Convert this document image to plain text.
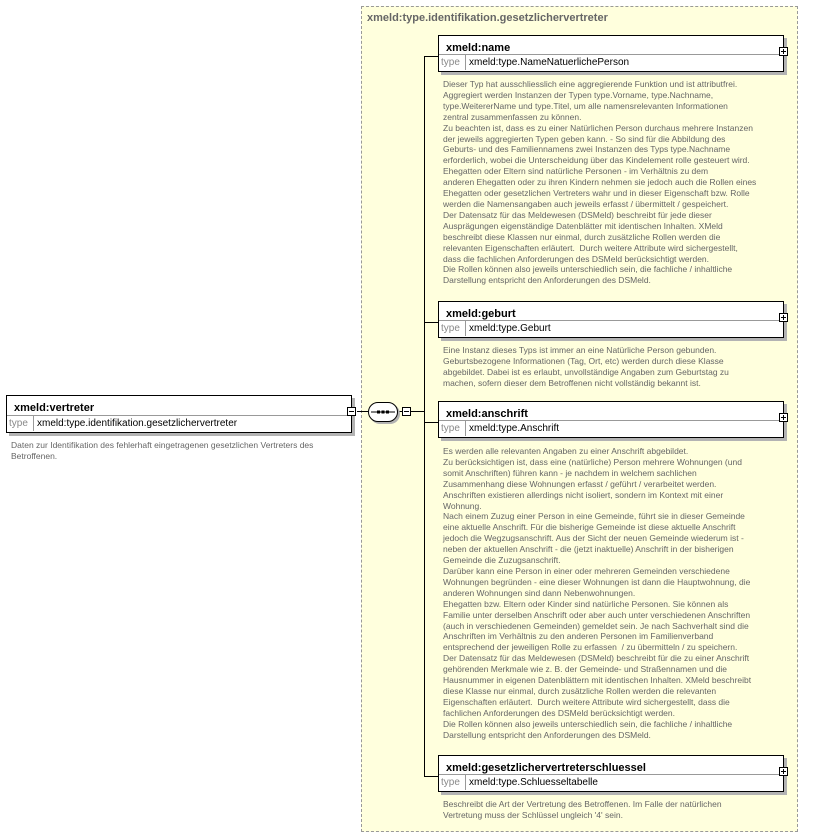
xmeld:type.identifikation.gesetzlichervertreter
xmeld:vertreter
type xmeld:type.identifikation.gesetzlichervertreter
Daten zur Identifikation des fehlerhaft eingetragenen gesetzlichen Vertreters des
Betroffenen.
xmeld:name
type xmeld:type.NameNatuerlichePerson
Dieser Typ hat ausschliesslich eine aggregierende Funktion und ist attributfrei.
Aggregiert werden Instanzen der Typen type.Vorname, type.Nachname,
type.WeitererName und type.Titel, um alle namensrelevanten Informationen
zentral zusammenfassen zu können.
Zu beachten ist, dass es zu einer Natürlichen Person durchaus mehrere Instanzen
der jeweils aggregierten Typen geben kann. - So sind für die Abbildung des
Geburts- und des Familiennamens zwei Instanzen des Typs type.Nachname
erforderlich, wobei die Unterscheidung über das Kindelement rolle gesteuert wird.
Ehegatten oder Eltern sind natürliche Personen - im Verhältnis zu dem
anderen Ehegatten oder zu ihren Kindern nehmen sie jedoch auch die Rollen eines
Ehegatten oder gesetzlichen Vertreters wahr und in dieser Eigenschaft bzw. Rolle
werden die Namensangaben auch jeweils erfasst / übermittelt / gespeichert.
Der Datensatz für das Meldewesen (DSMeld) beschreibt für jede dieser
Ausprägungen eigenständige Datenblätter mit identischen Inhalten. XMeld
beschreibt diese Klassen nur einmal, durch zusätzliche Rollen werden die
relevanten Eigenschaften erläutert.  Durch weitere Attribute wird sichergestellt,
dass die fachlichen Anforderungen des DSMeld berücksichtigt werden.
Die Rollen können also jeweils unterschiedlich sein, die fachliche / inhaltliche
Darstellung entspricht den Anforderungen des DSMeld.
xmeld:geburt
type xmeld:type.Geburt
Eine Instanz dieses Typs ist immer an eine Natürliche Person gebunden.
Geburtsbezogene Informationen (Tag, Ort, etc) werden durch diese Klasse
abgebildet. Dabei ist es erlaubt, unvollständige Angaben zum Geburtstag zu
machen, sofern dieser dem Betroffenen nicht vollständig bekannt ist.
xmeld:anschrift
type xmeld:type.Anschrift
Es werden alle relevanten Angaben zu einer Anschrift abgebildet.
Zu berücksichtigen ist, dass eine (natürliche) Person mehrere Wohnungen (und
somit Anschriften) führen kann - je nachdem in welchem sachlichen
Zusammenhang diese Wohnungen erfasst / geführt / verarbeitet werden.
Anschriften existieren allerdings nicht isoliert, sondern im Kontext mit einer
Wohnung.
Nach einem Zuzug einer Person in eine Gemeinde, führt sie in dieser Gemeinde
eine aktuelle Anschrift. Für die bisherige Gemeinde ist diese aktuelle Anschrift
jedoch die Wegzugsanschrift. Aus der Sicht der neuen Gemeinde wiederum ist -
neben der aktuellen Anschrift - die (jetzt inaktuelle) Anschrift in der bisherigen
Gemeinde die Zuzugsanschrift.
Darüber kann eine Person in einer oder mehreren Gemeinden verschiedene
Wohnungen begründen - eine dieser Wohnungen ist dann die Hauptwohnung, die
anderen Wohnungen sind dann Nebenwohnungen.
Ehegatten bzw. Eltern oder Kinder sind natürliche Personen. Sie können als
Familie unter derselben Anschrift oder aber auch unter verschiedenen Anschriften
(auch in verschiedenen Gemeinden) gemeldet sein. Je nach Sachverhalt sind die
Anschriften im Verhältnis zu den anderen Personen im Familienverband
entsprechend der jeweiligen Rolle zu erfassen  / zu übermitteln / zu speichern.
Der Datensatz für das Meldewesen (DSMeld) beschreibt für die zu einer Anschrift
gehörenden Merkmale wie z. B. der Gemeinde- und Straßennamen und die
Hausnummer in eigenen Datenblättern mit identischen Inhalten. XMeld beschreibt
diese Klasse nur einmal, durch zusätzliche Rollen werden die relevanten
Eigenschaften erläutert.  Durch weitere Attribute wird sichergestellt, dass die
fachlichen Anforderungen des DSMeld berücksichtigt werden.
Die Rollen können also jeweils unterschiedlich sein, die fachliche / inhaltliche
Darstellung entspricht den Anforderungen des DSMeld.
xmeld:gesetzlichervertreterschluessel
type xmeld:type.Schluesseltabelle
Beschreibt die Art der Vertretung des Betroffenen. Im Falle der natürlichen
Vertretung muss der Schlüssel ungleich '4' sein.
